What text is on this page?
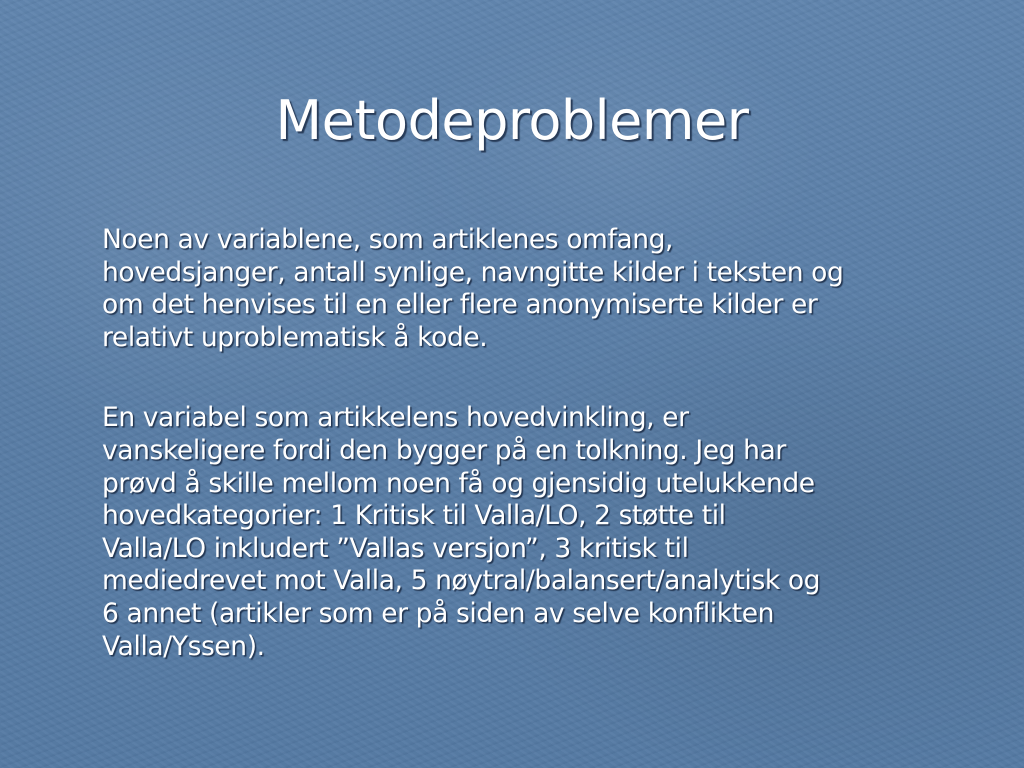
Metodeproblemer

Noen av variablene, som artiklenes omfang,
hovedsjanger, antall synlige, navngitte kilder i teksten og
om det henvises til en eller flere anonymiserte kilder er
relativt uproblematisk å kode.

En variabel som artikkelens hovedvinkling, er
vanskeligere fordi den bygger på en tolkning. Jeg har
prøvd å skille mellom noen få og gjensidig utelukkende
hovedkategorier: 1 Kritisk til Valla/LO, 2 støtte til
Valla/LO inkludert ”Vallas versjon”, 3 kritisk til
mediedrevet mot Valla, 5 nøytral/balansert/analytisk og
6 annet (artikler som er på siden av selve konflikten
Valla/Yssen).
